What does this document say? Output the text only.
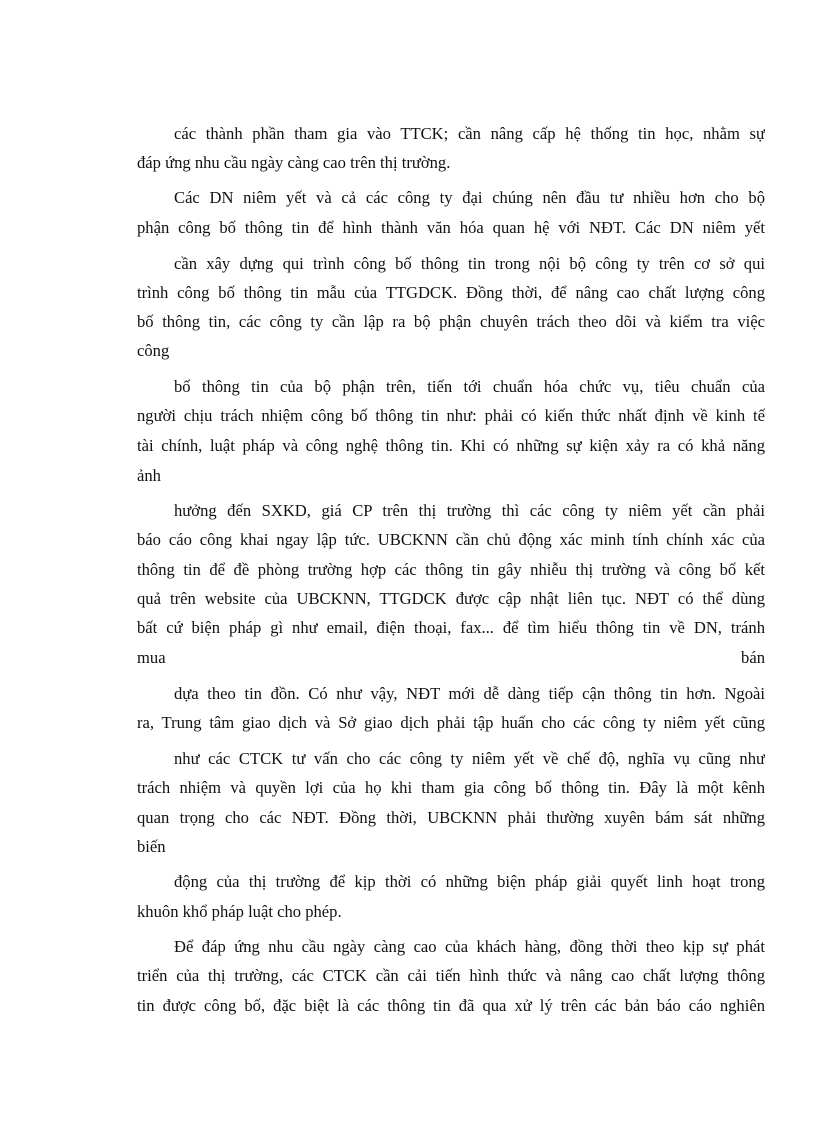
các thành phần tham gia vào TTCK; cần nâng cấp hệ thống tin học, nhằm sự
đáp ứng nhu cầu ngày càng cao trên thị trường.
Các DN niêm yết và cả các công ty đại chúng nên đầu tư nhiều hơn cho bộ
phận công bố thông tin để hình thành văn hóa quan hệ với NĐT. Các DN niêm yết
cần xây dựng qui trình công bố thông tin trong nội bộ công ty trên cơ sở qui
trình công bố thông tin mẫu của TTGDCK. Đồng thời, để nâng cao chất lượng công
bố thông tin, các công ty cần lập ra bộ phận chuyên trách theo dõi và kiểm tra việc
công
bố thông tin của bộ phận trên, tiến tới chuẩn hóa chức vụ, tiêu chuẩn của
người chịu trách nhiệm công bố thông tin như: phải có kiến thức nhất định về kinh tế
tài chính, luật pháp và công nghệ thông tin. Khi có những sự kiện xảy ra có khả năng
ảnh
hưởng đến SXKD, giá CP trên thị trường thì các công ty niêm yết cần phải
báo cáo công khai ngay lập tức. UBCKNN cần chủ động xác minh tính chính xác của
thông tin để đề phòng trường hợp các thông tin gây nhiễu thị trường và công bố kết
quả trên website của UBCKNN, TTGDCK được cập nhật liên tục. NĐT có thể dùng
bất cứ biện pháp gì như email, điện thoại, fax... để tìm hiểu thông tin về DN, tránh
mua	bán
dựa theo tin đồn. Có như vậy, NĐT mới dễ dàng tiếp cận thông tin hơn. Ngoài
ra, Trung tâm giao dịch và Sở giao dịch phải tập huấn cho các công ty niêm yết cũng
như các CTCK tư vấn cho các công ty niêm yết về chế độ, nghĩa vụ cũng như
trách nhiệm và quyền lợi của họ khi tham gia công bố thông tin. Đây là một kênh
quan trọng cho các NĐT. Đồng thời, UBCKNN phải thường xuyên bám sát những
biến
động của thị trường để kịp thời có những biện pháp giải quyết linh hoạt trong
khuôn khổ pháp luật cho phép.
Để đáp ứng nhu cầu ngày càng cao của khách hàng, đồng thời theo kịp sự phát
triển của thị trường, các CTCK cần cải tiến hình thức và nâng cao chất lượng thông
tin được công bố, đặc biệt là các thông tin đã qua xử lý trên các bản báo cáo nghiên
